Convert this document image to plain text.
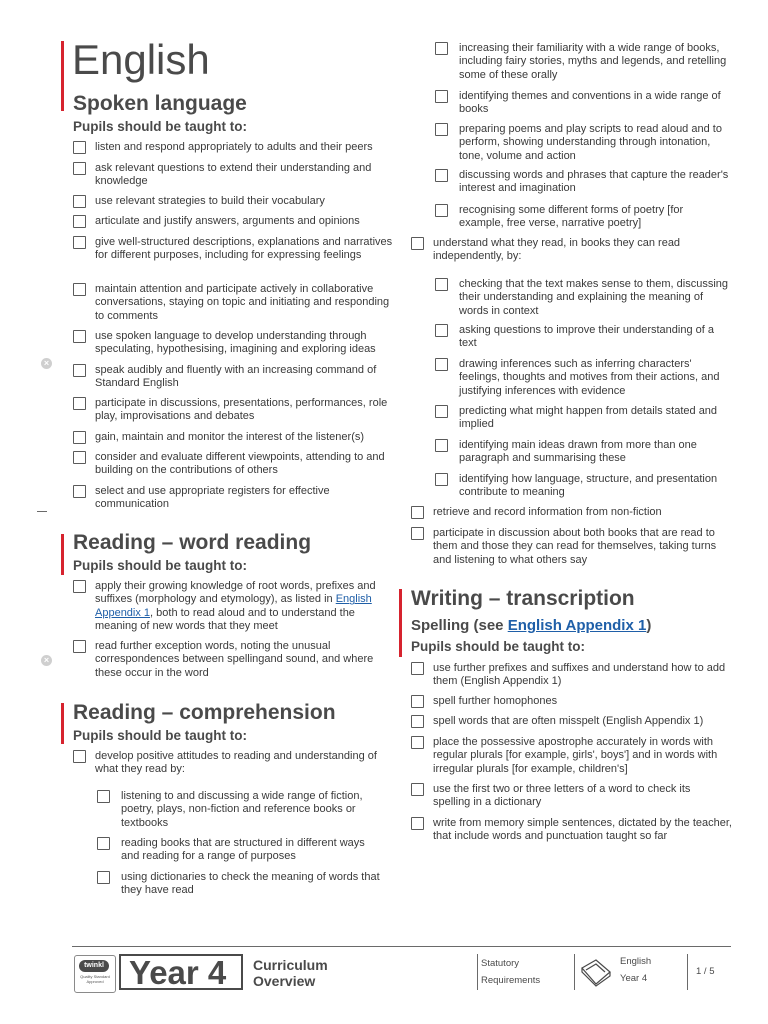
English
Spoken language
Pupils should be taught to:
listen and respond appropriately to adults and their peers
ask relevant questions to extend their understanding and knowledge
use relevant strategies to build their vocabulary
articulate and justify answers, arguments and opinions
give well-structured descriptions, explanations and narratives for different purposes, including for expressing feelings
maintain attention and participate actively in collaborative conversations, staying on topic and initiating and responding to comments
use spoken language to develop understanding through speculating, hypothesising, imagining and exploring ideas
speak audibly and fluently with an increasing command of Standard English
participate in discussions, presentations, performances, role play, improvisations and debates
gain, maintain and monitor the interest of the listener(s)
consider and evaluate different viewpoints, attending to and building on the contributions of others
select and use appropriate registers for effective communication
×
×
Reading – word reading
Pupils should be taught to:
apply their growing knowledge of root words, prefixes and suffixes (morphology and etymology), as listed in English Appendix 1, both to read aloud and to understand the meaning of new words that they meet
read further exception words, noting the unusual correspondences between spellingand sound, and where these occur in the word
Reading – comprehension
Pupils should be taught to:
develop positive attitudes to reading and understanding of what they read by:
listening to and discussing a wide range of fiction, poetry, plays, non-fiction and reference books or textbooks
reading books that are structured in different ways and reading for a range of purposes
using dictionaries to check the meaning of words that they have read
increasing their familiarity with a wide range of books, including fairy stories, myths and legends, and retelling some of these orally
identifying themes and conventions in a wide range of books
preparing poems and play scripts to read aloud and to perform, showing understanding through intonation, tone, volume and action
discussing words and phrases that capture the reader's interest and imagination
recognising some different forms of poetry [for example, free verse, narrative poetry]
understand what they read, in books they can read independently, by:
checking that the text makes sense to them, discussing their understanding and explaining the meaning of words in context
asking questions to improve their understanding of a text
drawing inferences such as inferring characters' feelings, thoughts and motives from their actions, and justifying inferences with evidence
predicting what might happen from details stated and implied
identifying main ideas drawn from more than one paragraph and summarising these
identifying how language, structure, and presentation contribute to meaning
retrieve and record information from non-fiction
participate in discussion about both books that are read to them and those they can read for themselves, taking turns and listening to what others say
Writing – transcription
Spelling (see English Appendix 1)
Pupils should be taught to:
use further prefixes and suffixes and understand how to add them (English Appendix 1)
spell further homophones
spell words that are often misspelt (English Appendix 1)
place the possessive apostrophe accurately in words with regular plurals [for example, girls', boys'] and in words with irregular plurals [for example, children's]
use the first two or three letters of a word to check its spelling in a dictionary
write from memory simple sentences, dictated by the teacher, that include words and punctuation taught so far
twinkl
Quality Standard Approved Year 4 Curriculum
Overview
Statutory
Requirements
English
Year 4
1 / 5
